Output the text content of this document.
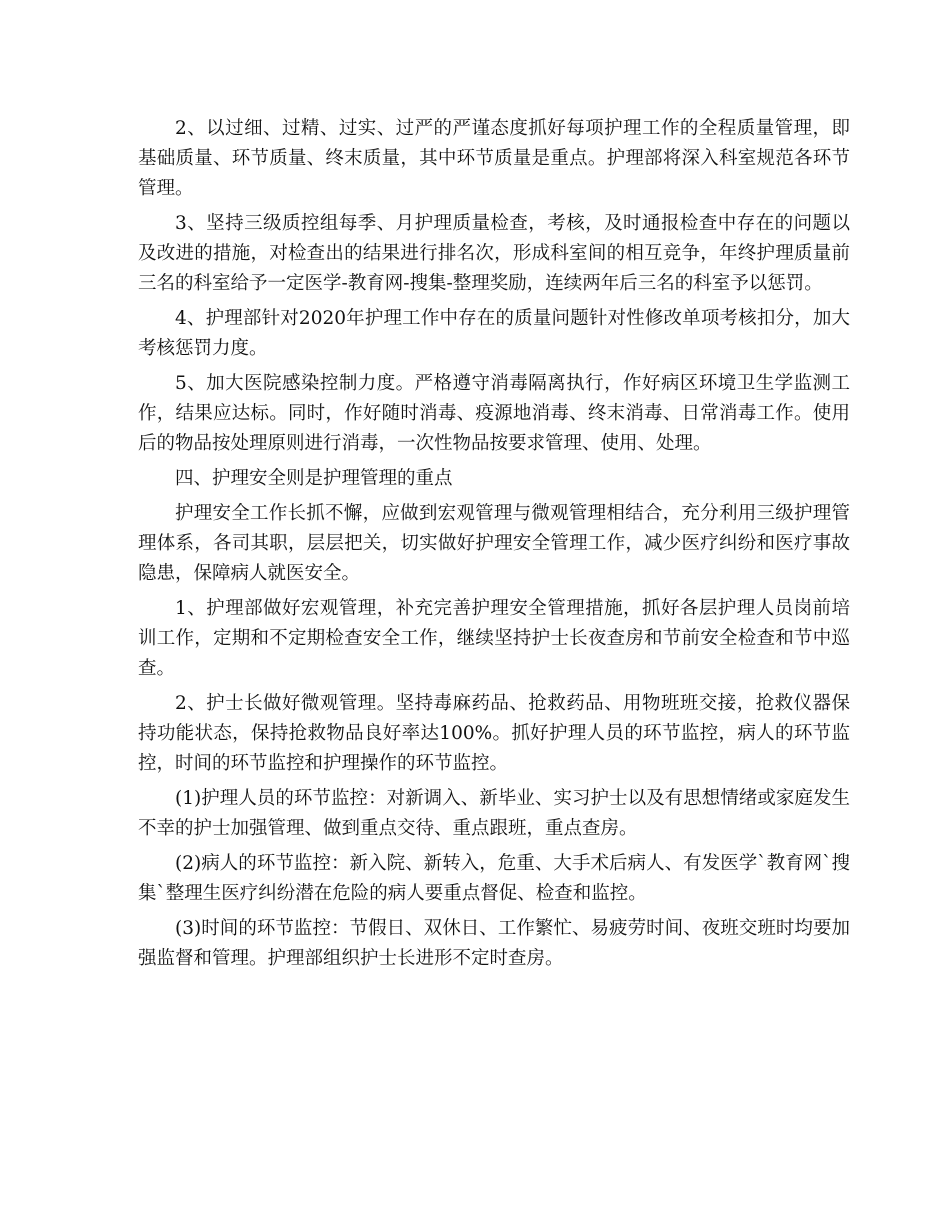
2、以过细、过精、过实、过严的严谨态度抓好每项护理工作的全程质量管理，即基础质量、环节质量、终末质量，其中环节质量是重点。护理部将深入科室规范各环节管理。

3、坚持三级质控组每季、月护理质量检查，考核，及时通报检查中存在的问题以及改进的措施，对检查出的结果进行排名次，形成科室间的相互竞争，年终护理质量前三名的科室给予一定医学-教育网-搜集-整理奖励，连续两年后三名的科室予以惩罚。

4、护理部针对2020年护理工作中存在的质量问题针对性修改单项考核扣分，加大考核惩罚力度。

5、加大医院感染控制力度。严格遵守消毒隔离执行，作好病区环境卫生学监测工作，结果应达标。同时，作好随时消毒、疫源地消毒、终末消毒、日常消毒工作。使用后的物品按处理原则进行消毒，一次性物品按要求管理、使用、处理。

四、护理安全则是护理管理的重点

护理安全工作长抓不懈，应做到宏观管理与微观管理相结合，充分利用三级护理管理体系，各司其职，层层把关，切实做好护理安全管理工作，减少医疗纠纷和医疗事故隐患，保障病人就医安全。

1、护理部做好宏观管理，补充完善护理安全管理措施，抓好各层护理人员岗前培训工作，定期和不定期检查安全工作，继续坚持护士长夜查房和节前安全检查和节中巡查。

2、护士长做好微观管理。坚持毒麻药品、抢救药品、用物班班交接，抢救仪器保持功能状态，保持抢救物品良好率达100%。抓好护理人员的环节监控，病人的环节监控，时间的环节监控和护理操作的环节监控。

(1)护理人员的环节监控：对新调入、新毕业、实习护士以及有思想情绪或家庭发生不幸的护士加强管理、做到重点交待、重点跟班，重点查房。

(2)病人的环节监控：新入院、新转入，危重、大手术后病人、有发医学`教育网`搜集`整理生医疗纠纷潜在危险的病人要重点督促、检查和监控。

(3)时间的环节监控：节假日、双休日、工作繁忙、易疲劳时间、夜班交班时均要加强监督和管理。护理部组织护士长进形不定时查房。
